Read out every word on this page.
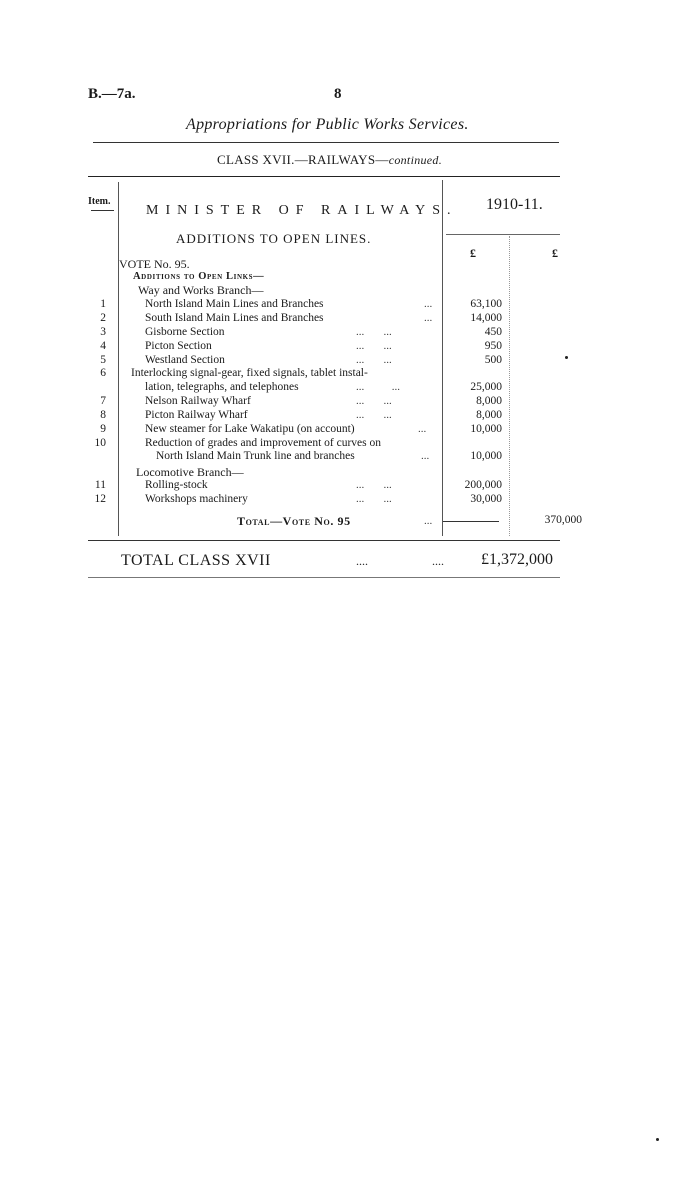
B.—7a.	8
Appropriations for Public Works Services.
CLASS XVII.—RAILWAYS—continued.
Item.
MINISTER OF RAILWAYS. 1910-11.
ADDITIONS TO OPEN LINES.
£	£
VOTE No. 95.
Additions to Open Links—
Way and Works Branch—
1	North Island Main Lines and Branches	...	63,100
2	South Island Main Lines and Branches	...	14,000
3	Gisborne Section	...       ...	450
4	Picton Section	...       ...	950
5	Westland Section	...       ...	500
6 Interlocking signal-gear, fixed signals, tablet instal-
lation, telegraphs, and telephones	...          ...	25,000
7	Nelson Railway Wharf	...       ...	8,000
8	Picton Railway Wharf	...       ...	8,000
9	New steamer for Lake Wakatipu (on account)	...	10,000
10	Reduction of grades and improvement of curves on
North Island Main Trunk line and branches	...	10,000
Locomotive Branch—
11	Rolling-stock	...       ...	200,000
12	Workshops machinery	...       ...	30,000
Total—Vote No. 95	...	370,000
TOTAL CLASS XVII	....	.... £1,372,000
